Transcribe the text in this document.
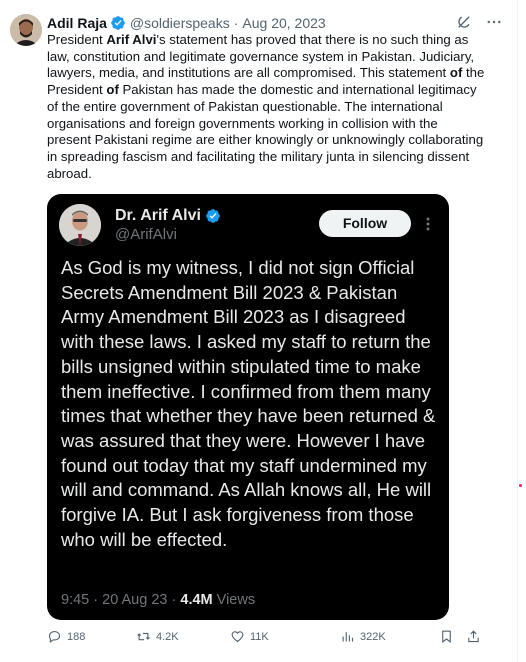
Adil Raja @soldierspeaks · Aug 20, 2023
President Arif Alvi's statement has proved that there is no such thing as law, constitution and legitimate governance system in Pakistan. Judiciary, lawyers, media, and institutions are all compromised. This statement of the President of Pakistan has made the domestic and international legitimacy of the entire government of Pakistan questionable. The international organisations and foreign governments working in collision with the present Pakistani regime are either knowingly or unknowingly collaborating in spreading fascism and facilitating the military junta in silencing dissent abroad.
Dr. Arif Alvi
@ArifAlvi
Follow
As God is my witness, I did not sign Official Secrets Amendment Bill 2023 & Pakistan Army Amendment Bill 2023 as I disagreed with these laws. I asked my staff to return the bills unsigned within stipulated time to make them ineffective. I confirmed from them many times that whether they have been returned & was assured that they were. However I have found out today that my staff undermined my will and command. As Allah knows all, He will forgive IA. But I ask forgiveness from those who will be effected.
9:45 · 20 Aug 23 · 4.4M Views
188	4.2K	11K	322K
